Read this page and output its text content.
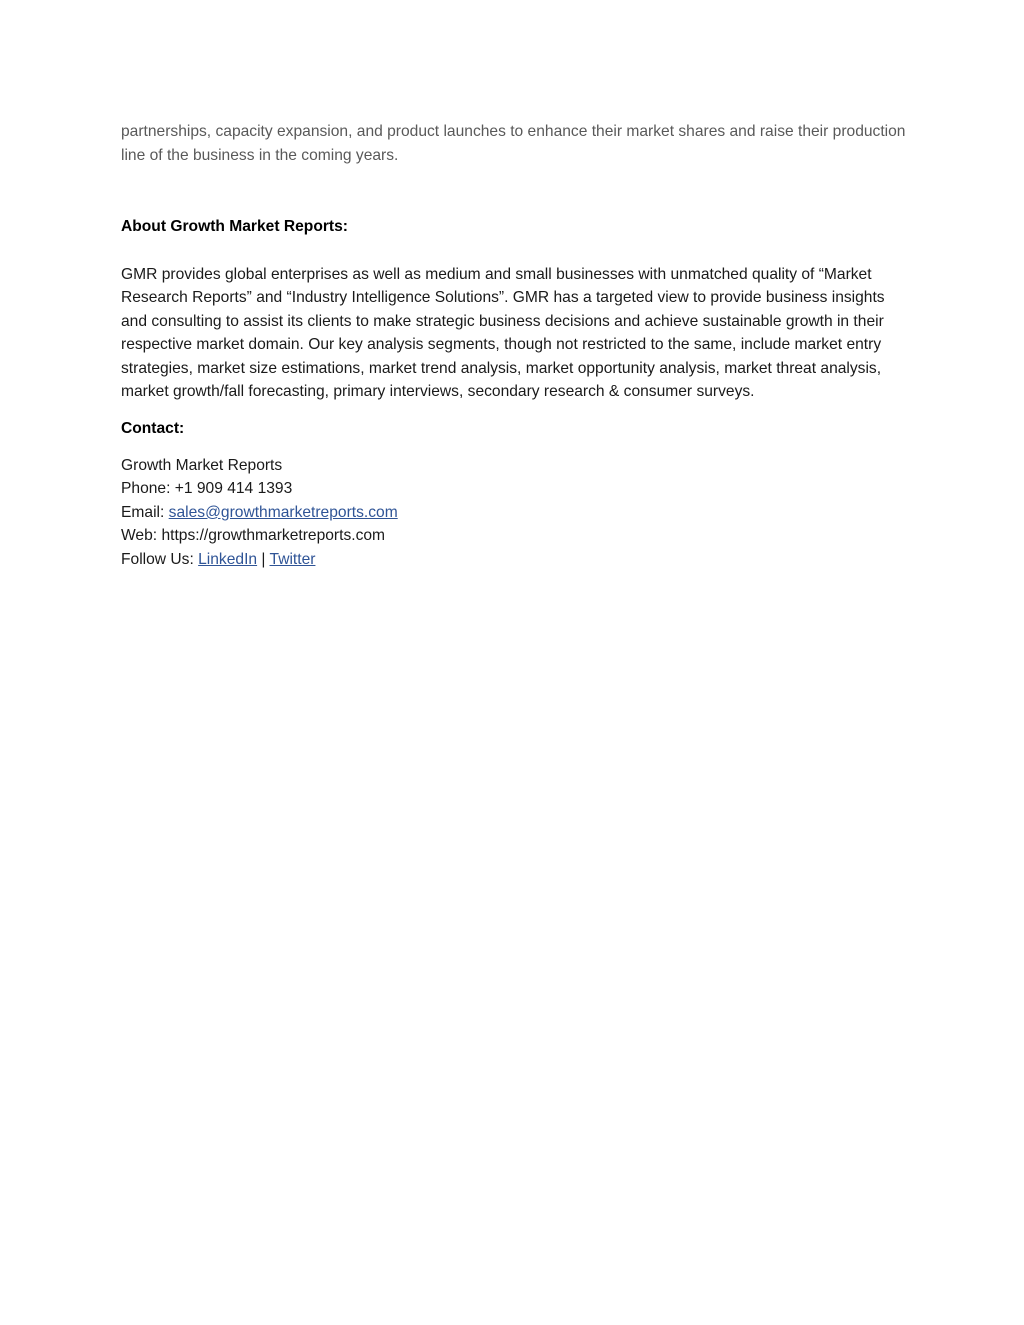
partnerships, capacity expansion, and product launches to enhance their market shares and raise their production line of the business in the coming years.

About Growth Market Reports:

GMR provides global enterprises as well as medium and small businesses with unmatched quality of “Market Research Reports” and “Industry Intelligence Solutions”. GMR has a targeted view to provide business insights and consulting to assist its clients to make strategic business decisions and achieve sustainable growth in their respective market domain. Our key analysis segments, though not restricted to the same, include market entry strategies, market size estimations, market trend analysis, market opportunity analysis, market threat analysis, market growth/fall forecasting, primary interviews, secondary research & consumer surveys.

Contact:

Growth Market Reports
Phone: +1 909 414 1393
Email: sales@growthmarketreports.com
Web: https://growthmarketreports.com
Follow Us: LinkedIn | Twitter
